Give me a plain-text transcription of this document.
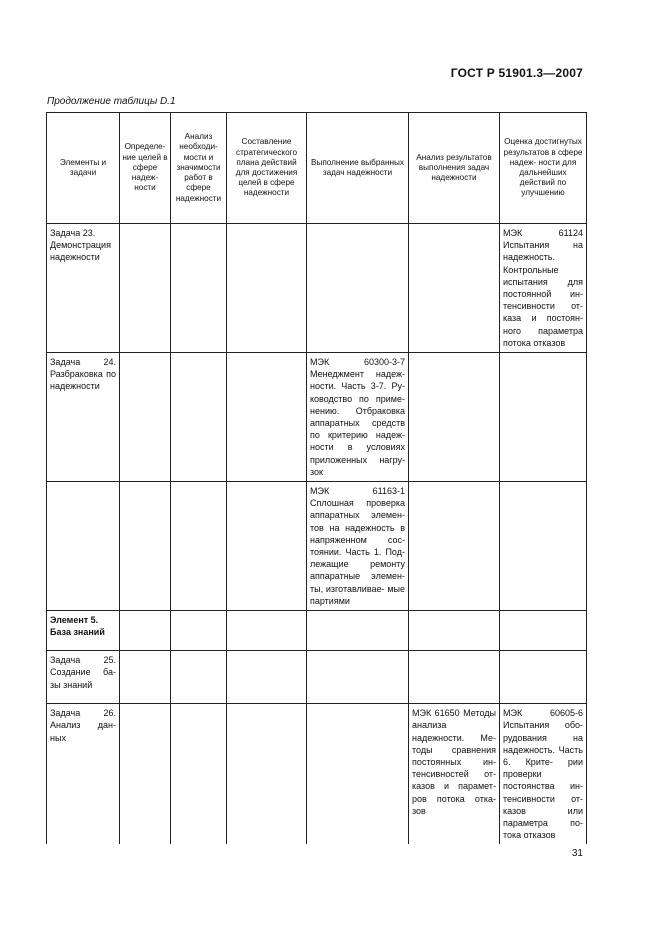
ГОСТ Р 51901.3—2007
Продолжение таблицы D.1
Элементы и задачи	Определе- ние целей в сфере надеж- ности	Анализ необходи- мости и значимости работ в сфере надежности	Составление стратегического плана действий для достижения целей в сфере надежности	Выполнение выбранных задач надежности	Анализ результатов выполнения задач надежности	Оценка достигнутых результатов в сфере надеж- ности для дальнейших действий по улучшению
Задача 23. Демонстрация надежности						МЭК 61124 Испытания на надежность. Контрольные испытания для постоянной ин- тенсивности от- каза и постоян- ного параметра потока отказов
Задача 24. Разбраковка по надежности				МЭК 60300-3-7 Менеджмент надеж- ности. Часть 3-7. Ру- ководство по приме- нению. Отбраковка аппаратных средств по критерию надеж- ности в условиях приложенных нагру- зок		
				МЭК 61163-1 Сплошная проверка аппаратных элемен- тов на надежность в напряженном сос- тоянии. Часть 1. Под- лежащие ремонту аппаратные элемен- ты, изготавливае- мые партиями		
Элемент 5. База знаний						
Задача 25. Создание ба- зы знаний						
Задача 26. Анализ дан- ных					МЭК 61650 Методы анализа надежности. Ме- тоды сравнения постоянных ин- тенсивностей от- казов и парамет- ров потока отка- зов	МЭК 60605-6 Испытания обо- рудования на надежность. Часть 6. Крите- рии проверки постоянства ин- тенсивности от- казов или параметра по- тока отказов
31
